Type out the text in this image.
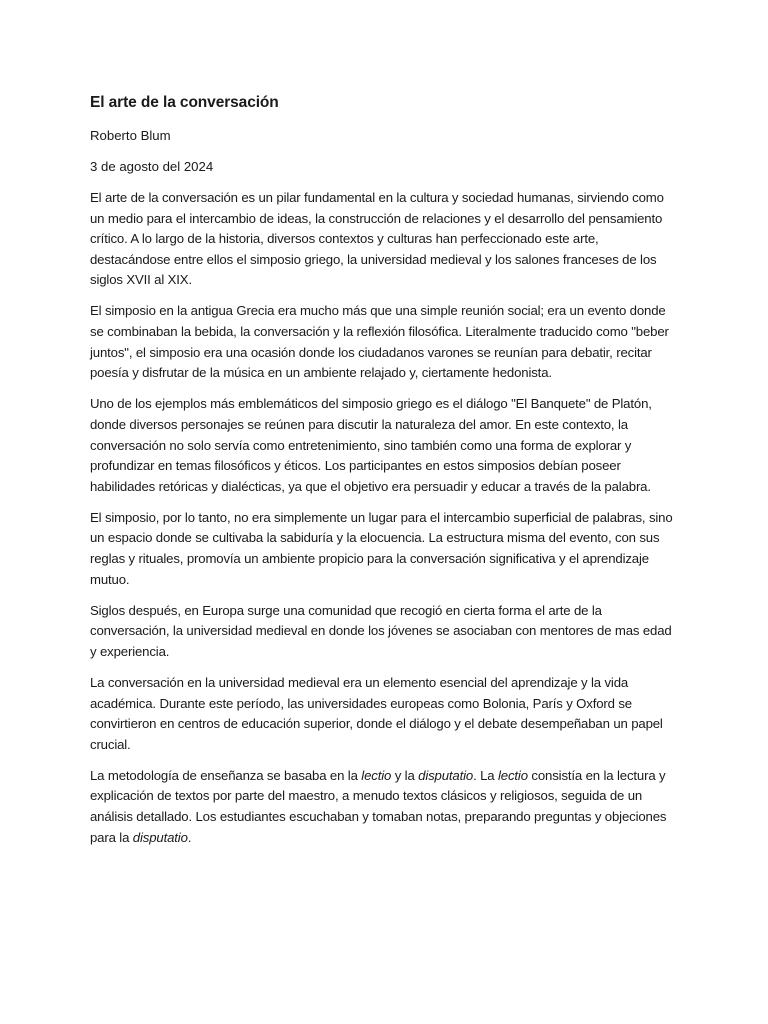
El arte de la conversación

Roberto Blum

3 de agosto del 2024

El arte de la conversación es un pilar fundamental en la cultura y sociedad humanas, sirviendo como un medio para el intercambio de ideas, la construcción de relaciones y el desarrollo del pensamiento crítico. A lo largo de la historia, diversos contextos y culturas han perfeccionado este arte, destacándose entre ellos el simposio griego, la universidad medieval y los salones franceses de los siglos XVII al XIX.

El simposio en la antigua Grecia era mucho más que una simple reunión social; era un evento donde se combinaban la bebida, la conversación y la reflexión filosófica. Literalmente traducido como "beber juntos", el simposio era una ocasión donde los ciudadanos varones se reunían para debatir, recitar poesía y disfrutar de la música en un ambiente relajado y, ciertamente hedonista.

Uno de los ejemplos más emblemáticos del simposio griego es el diálogo "El Banquete" de Platón, donde diversos personajes se reúnen para discutir la naturaleza del amor. En este contexto, la conversación no solo servía como entretenimiento, sino también como una forma de explorar y profundizar en temas filosóficos y éticos. Los participantes en estos simposios debían poseer habilidades retóricas y dialécticas, ya que el objetivo era persuadir y educar a través de la palabra.

El simposio, por lo tanto, no era simplemente un lugar para el intercambio superficial de palabras, sino un espacio donde se cultivaba la sabiduría y la elocuencia. La estructura misma del evento, con sus reglas y rituales, promovía un ambiente propicio para la conversación significativa y el aprendizaje mutuo.

Siglos después, en Europa surge una comunidad que recogió en cierta forma el arte de la conversación, la universidad medieval en donde los jóvenes se asociaban con mentores de mas edad y experiencia.

La conversación en la universidad medieval era un elemento esencial del aprendizaje y la vida académica. Durante este período, las universidades europeas como Bolonia, París y Oxford se convirtieron en centros de educación superior, donde el diálogo y el debate desempeñaban un papel crucial.

La metodología de enseñanza se basaba en la lectio y la disputatio. La lectio consistía en la lectura y explicación de textos por parte del maestro, a menudo textos clásicos y religiosos, seguida de un análisis detallado. Los estudiantes escuchaban y tomaban notas, preparando preguntas y objeciones para la disputatio.
